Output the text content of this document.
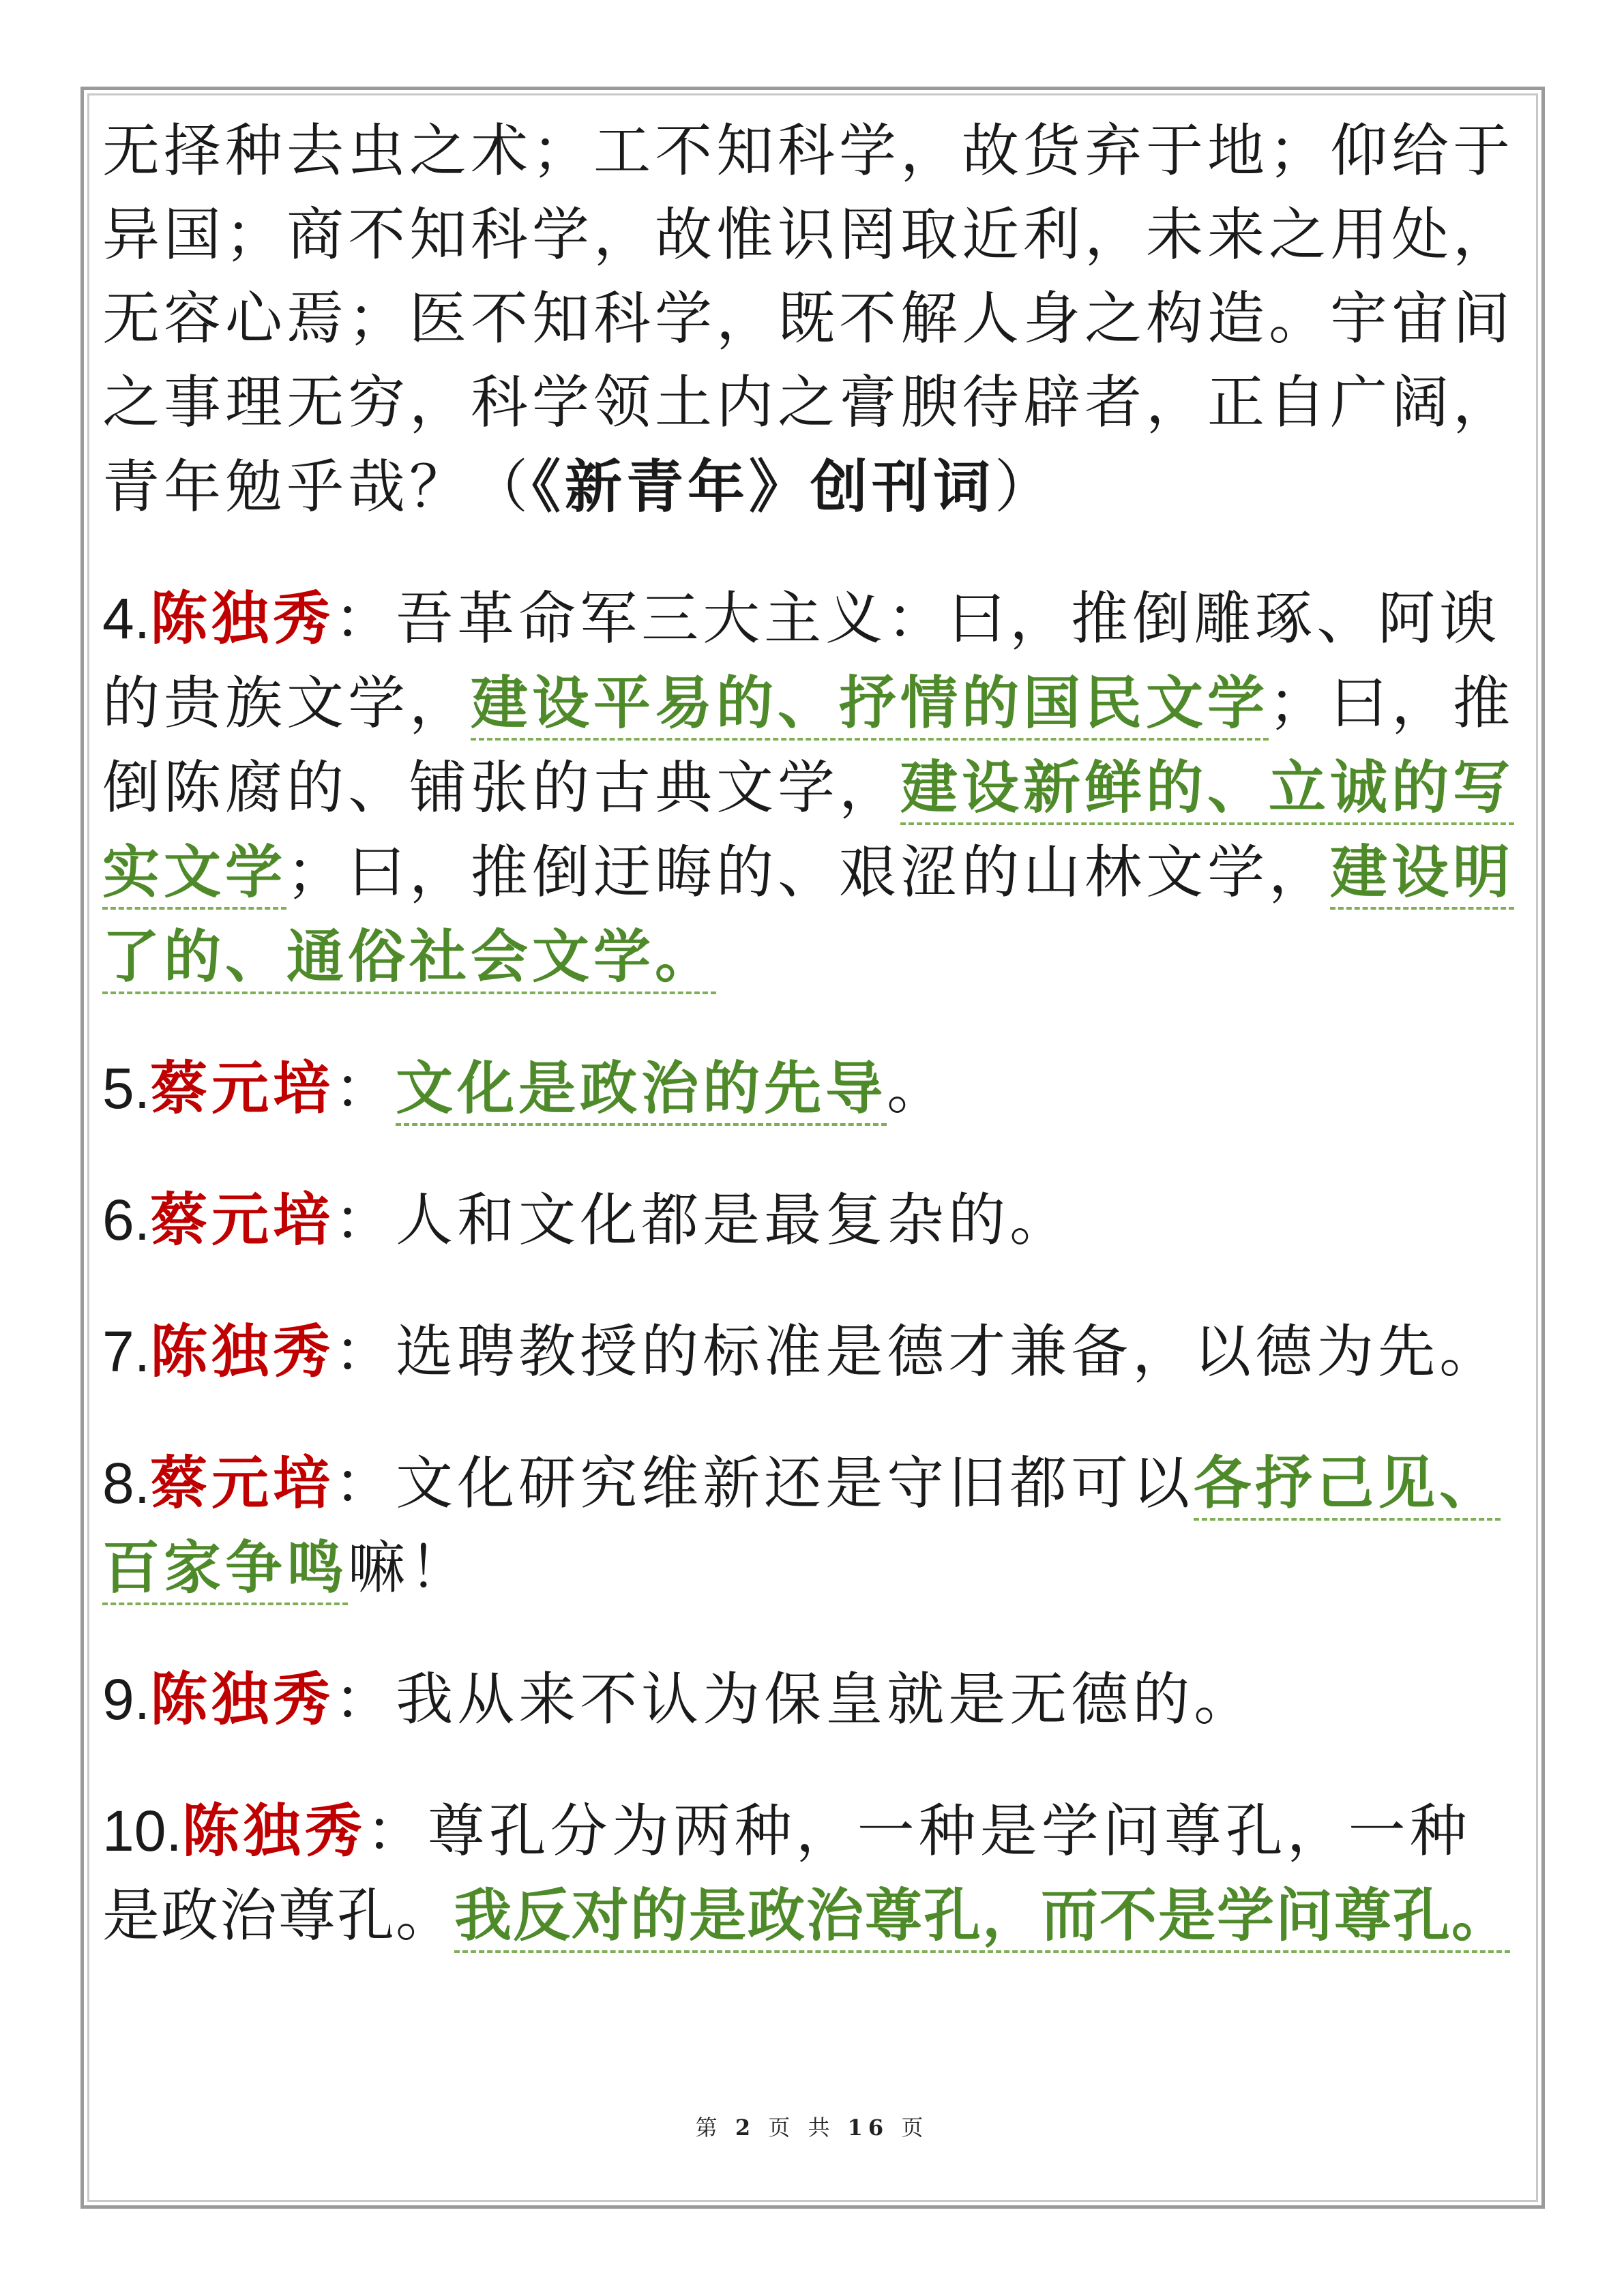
无择种去虫之术；工不知科学，故货弃于地；仰给于

异国；商不知科学，故惟识罔取近利，未来之用处，

无容心焉；医不知科学，既不解人身之构造。宇宙间

之事理无穷，科学领土内之膏腴待辟者，正自广阔，

青年勉乎哉？（《新青年》创刊词）

4.陈独秀：吾革命军三大主义：曰，推倒雕琢、阿谀

的贵族文学，建设平易的、抒情的国民文学；曰，推

倒陈腐的、铺张的古典文学，建设新鲜的、立诚的写

实文学；曰，推倒迂晦的、艰涩的山林文学，建设明

了的、通俗社会文学。

5.蔡元培：文化是政治的先导。

6.蔡元培：人和文化都是最复杂的。

7.陈独秀：选聘教授的标准是德才兼备，以德为先。

8.蔡元培：文化研究维新还是守旧都可以各抒己见、

百家争鸣嘛！

9.陈独秀：我从来不认为保皇就是无德的。

10.陈独秀：尊孔分为两种，一种是学问尊孔，一种

是政治尊孔。我反对的是政治尊孔，而不是学问尊孔。

第 2 页 共 16 页
